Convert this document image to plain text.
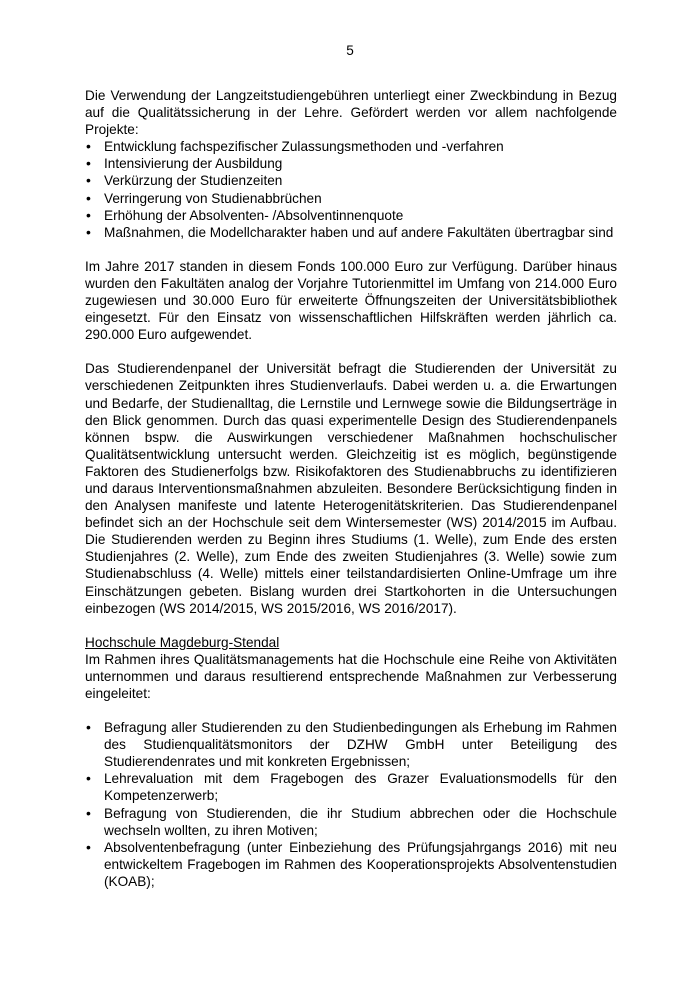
5

Die Verwendung der Langzeitstudiengebühren unterliegt einer Zweckbindung in Bezug auf die Qualitätssicherung in der Lehre. Gefördert werden vor allem nachfolgende Projekte:

• Entwicklung fachspezifischer Zulassungsmethoden und -verfahren
• Intensivierung der Ausbildung
• Verkürzung der Studienzeiten
• Verringerung von Studienabbrüchen
• Erhöhung der Absolventen- /Absolventinnenquote
• Maßnahmen, die Modellcharakter haben und auf andere Fakultäten übertragbar sind

Im Jahre 2017 standen in diesem Fonds 100.000 Euro zur Verfügung. Darüber hinaus wurden den Fakultäten analog der Vorjahre Tutorienmittel im Umfang von 214.000 Euro zugewiesen und 30.000 Euro für erweiterte Öffnungszeiten der Universitätsbibliothek eingesetzt. Für den Einsatz von wissenschaftlichen Hilfskräften werden jährlich ca. 290.000 Euro aufgewendet.

Das Studierendenpanel der Universität befragt die Studierenden der Universität zu verschiedenen Zeitpunkten ihres Studienverlaufs. Dabei werden u. a. die Erwartungen und Bedarfe, der Studienalltag, die Lernstile und Lernwege sowie die Bildungserträge in den Blick genommen. Durch das quasi experimentelle Design des Studierendenpanels können bspw. die Auswirkungen verschiedener Maßnahmen hochschulischer Qualitätsentwicklung untersucht werden. Gleichzeitig ist es möglich, begünstigende Faktoren des Studienerfolgs bzw. Risikofaktoren des Studienabbruchs zu identifizieren und daraus Interventionsmaßnahmen abzuleiten. Besondere Berücksichtigung finden in den Analysen manifeste und latente Heterogenitätskriterien. Das Studierendenpanel befindet sich an der Hochschule seit dem Wintersemester (WS) 2014/2015 im Aufbau. Die Studierenden werden zu Beginn ihres Studiums (1. Welle), zum Ende des ersten Studienjahres (2. Welle), zum Ende des zweiten Studienjahres (3. Welle) sowie zum Studienabschluss (4. Welle) mittels einer teilstandardisierten Online-Umfrage um ihre Einschätzungen gebeten. Bislang wurden drei Startkohorten in die Untersuchungen einbezogen (WS 2014/2015, WS 2015/2016, WS 2016/2017).

Hochschule Magdeburg-Stendal

Im Rahmen ihres Qualitätsmanagements hat die Hochschule eine Reihe von Aktivitäten unternommen und daraus resultierend entsprechende Maßnahmen zur Verbesserung eingeleitet:

• Befragung aller Studierenden zu den Studienbedingungen als Erhebung im Rahmen des Studienqualitätsmonitors der DZHW GmbH unter Beteiligung des Studierendenrates und mit konkreten Ergebnissen;
• Lehrevaluation mit dem Fragebogen des Grazer Evaluationsmodells für den Kompetenzerwerb;
• Befragung von Studierenden, die ihr Studium abbrechen oder die Hochschule wechseln wollten, zu ihren Motiven;
• Absolventenbefragung (unter Einbeziehung des Prüfungsjahrgangs 2016) mit neu entwickeltem Fragebogen im Rahmen des Kooperationsprojekts Absolventenstudien (KOAB);
